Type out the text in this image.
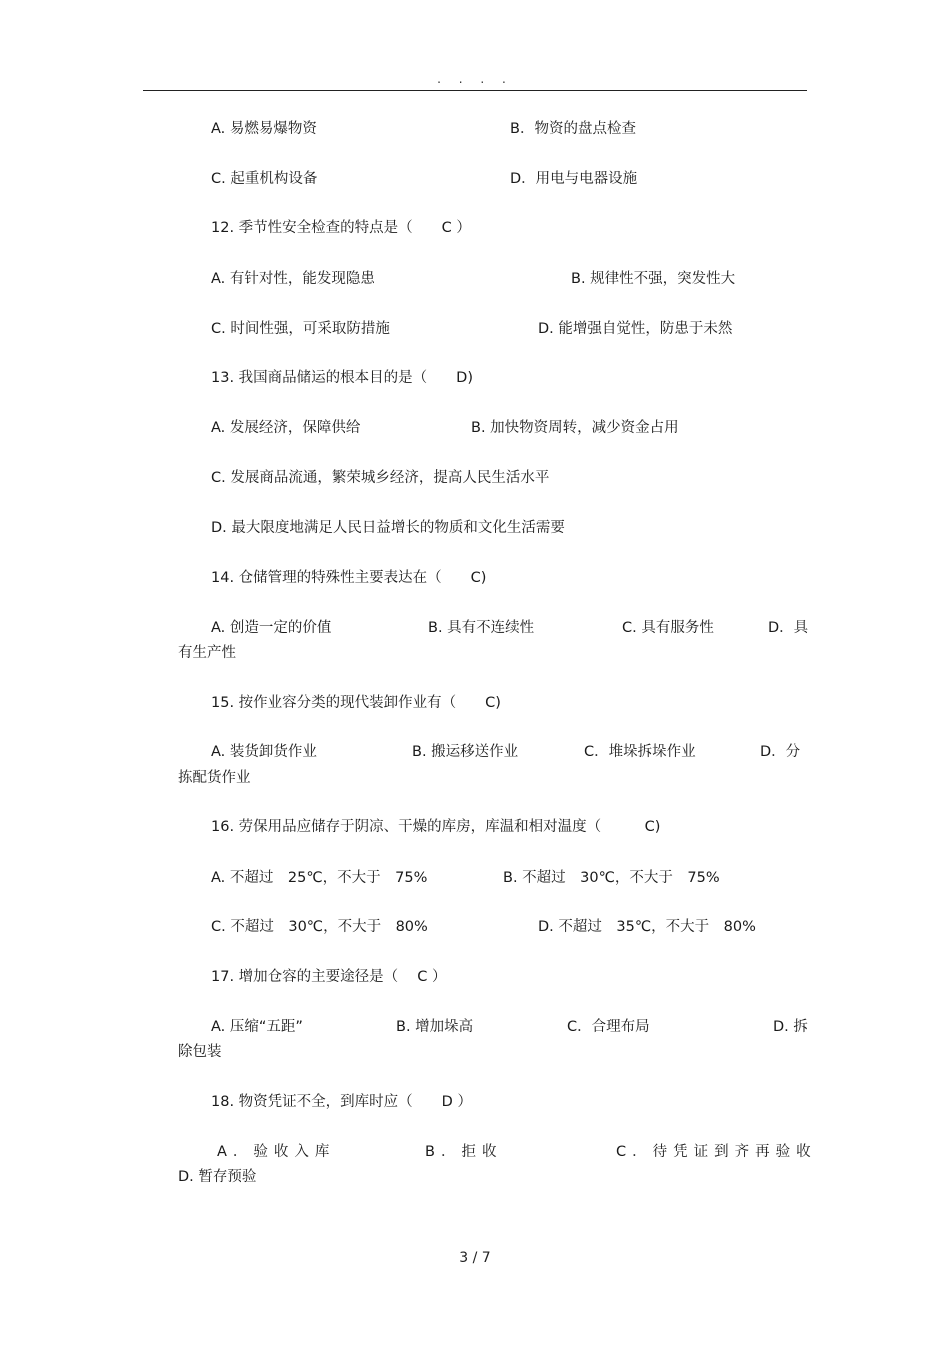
. . . .
A. 易燃易爆物资	B．物资的盘点检查
C. 起重机构设备	D．用电与电器设施
12. 季节性安全检查的特点是（　　C ）
A. 有针对性，能发现隐患	B. 规律性不强，突发性大
C. 时间性强，可采取防措施	D. 能增强自觉性，防患于未然
13. 我国商品储运的根本目的是（　　D)
A. 发展经济，保障供给	B. 加快物资周转，减少资金占用
C. 发展商品流通，繁荣城乡经济，提高人民生活水平
D. 最大限度地满足人民日益增长的物质和文化生活需要
14. 仓储管理的特殊性主要表达在（　　C)
A. 创造一定的价值	B. 具有不连续性	C. 具有服务性	D．具
有生产性
15. 按作业容分类的现代装卸作业有（　　C)
A. 装货卸货作业	B. 搬运移送作业	C．堆垛拆垛作业	D．分
拣配货作业
16. 劳保用品应储存于阴凉、干燥的库房，库温和相对温度（　　　C)
A. 不超过　25℃，不大于　75%	B. 不超过　30℃，不大于　75%
C. 不超过　30℃，不大于　80%	D. 不超过　35℃，不大于　80%
17. 增加仓容的主要途径是（　 C ）
A. 压缩“五距”	B. 增加垛高	C．合理布局	D. 拆
除包装
18. 物资凭证不全，到库时应（　　D ）
A．验收入库	B．拒收	C．待凭证到齐再验收
D. 暂存预验
3 / 7
